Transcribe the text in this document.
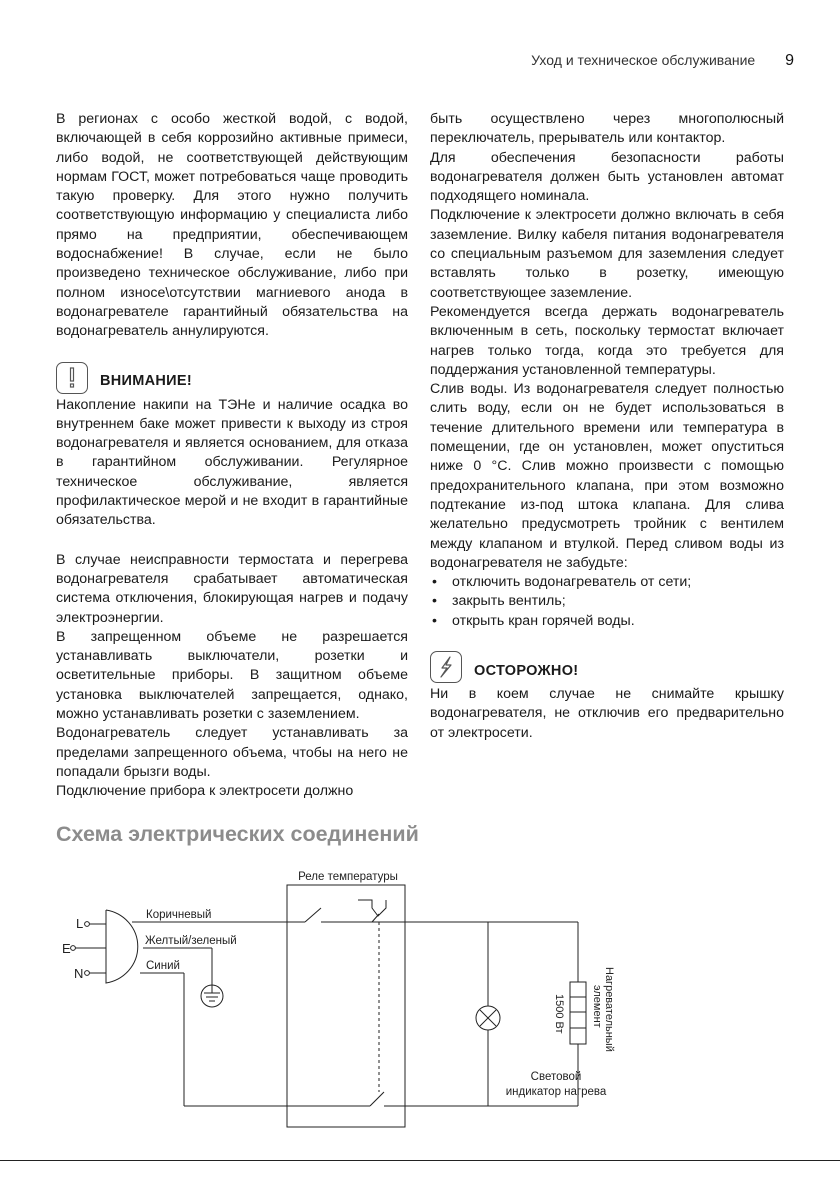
Уход и техническое обслуживание 9

В регионах с особо жесткой водой, с водой, включающей в себя коррозийно активные примеси, либо водой, не соответствующей действующим нормам ГОСТ, может потребоваться чаще проводить такую проверку. Для этого нужно получить соответствующую информацию у специалиста либо прямо на предприятии, обеспечивающем водоснабжение! В случае, если не было произведено техническое обслуживание, либо при полном износе\отсутствии магниевого анода в водонагревателе гарантийный обязательства на водонагреватель аннулируются.

ВНИМАНИЕ!

Накопление накипи на ТЭНе и наличие осадка во внутреннем баке может привести к выходу из строя водонагревателя и является основанием, для отказа в гарантийном обслуживании. Регулярное техническое обслуживание, является профилактическое мерой и не входит в гарантийные обязательства.

В случае неисправности термостата и перегрева водонагревателя срабатывает автоматическая система отключения, блокирующая нагрев и подачу электроэнергии.

В запрещенном объеме не разрешается устанавливать выключатели, розетки и осветительные приборы. В защитном объеме установка выключателей запрещается, однако, можно устанавливать розетки с заземлением.

Водонагреватель следует устанавливать за пределами запрещенного объема, чтобы на него не попадали брызги воды.

Подключение прибора к электросети должно

быть осуществлено через многополюсный переключатель, прерыватель или контактор.

Для обеспечения безопасности работы водонагревателя должен быть установлен автомат подходящего номинала.

Подключение к электросети должно включать в себя заземление. Вилку кабеля питания водонагревателя со специальным разъемом для заземления следует вставлять только в розетку, имеющую соответствующее заземление.

Рекомендуется всегда держать водонагреватель включенным в сеть, поскольку термостат включает нагрев только тогда, когда это требуется для поддержания установленной температуры.

Слив воды. Из водонагревателя следует полностью слить воду, если он не будет использоваться в течение длительного времени или температура в помещении, где он установлен, может опуститься ниже 0 °C. Слив можно произвести с помощью предохранительного клапана, при этом возможно подтекание из-под штока клапана. Для слива желательно предусмотреть тройник с вентилем между клапаном и втулкой. Перед сливом воды из водонагревателя не забудьте:

• отключить водонагреватель от сети;
• закрыть вентиль;
• открыть кран горячей воды.
ОСТОРОЖНО!

Ни в коем случае не снимайте крышку водонагревателя, не отключив его предварительно от электросети.

Схема электрических соединений
Реле температуры
L
E
N
Коричневый
Желтый/зеленый
Синий
1500 Вт	Нагревательный
элемент
Световой
индикатор нагрева
